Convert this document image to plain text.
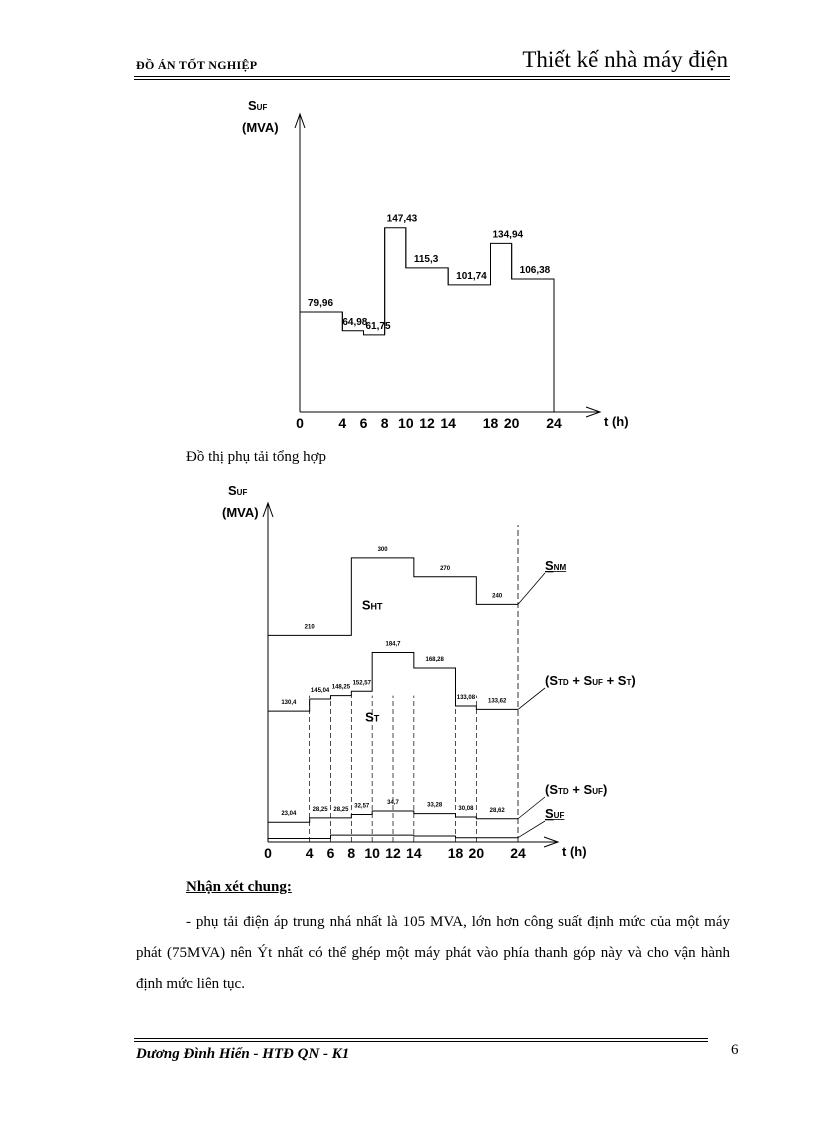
ĐỒ ÁN TỐT NGHIỆP	Thiết kế nhà máy điện
SUF
(MVA)
0 4 6 8 10 12 14 18 20 24	t (h)
79,96
64,98
61,75
147,43
115,3
101,74
134,94
106,38
Đồ thị phụ tải tổng hợp
SUF
(MVA)
0 4 6 8 10 12 14 18 20 24	t (h)
SNM
210
300
270
240
(STD + SUF + ST)
130,4
145,04
148,25
152,57
184,7
168,28
133,08
133,62
(STD + SUF)
23,04
28,25 28,25
32,57
34,7	33,28
30,08	28,62	SUF
SHT
ST
Nhận xét chung:
- phụ tải điện áp trung nhá nhất là 105 MVA, lớn hơn công suất định mức của một máy phát (75MVA) nên Ýt nhất có thể ghép một máy phát vào phía thanh góp này và cho vận hành định mức liên tục.
Dương Đình Hiển - HTĐ QN - K1	6
